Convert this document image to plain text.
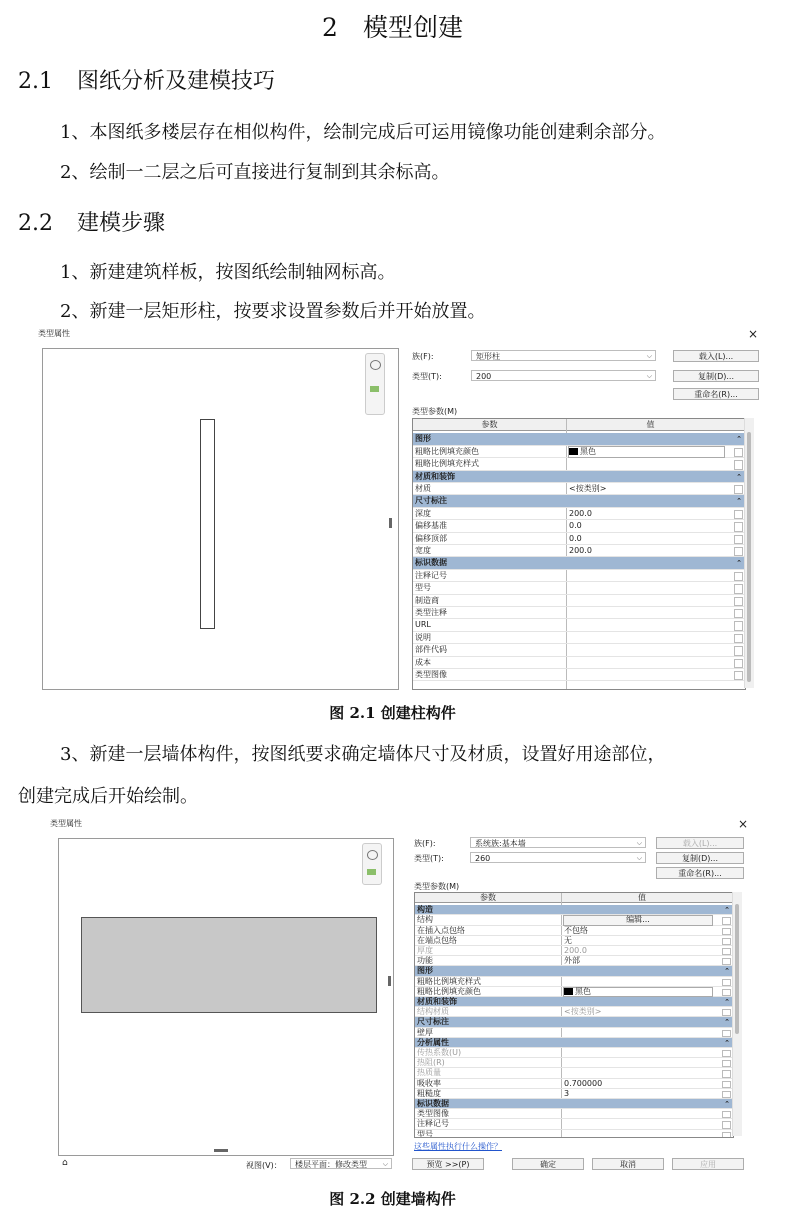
2　模型创建
2.1 图纸分析及建模技巧
1、本图纸多楼层存在相似构件，绘制完成后可运用镜像功能创建剩余部分。
2、绘制一二层之后可直接进行复制到其余标高。
2.2 建模步骤
1、新建建筑样板，按图纸绘制轴网标高。
2、新建一层矩形柱，按要求设置参数后并开始放置。
类型属性	×
族(F):	矩形柱	⌵	载入(L)...
类型(T):	200	⌵	复制(D)...
重命名(R)...
类型参数(M)
参数	值
图形	⌃
粗略比例填充颜色	黑色
粗略比例填充样式
材质和装饰	⌃
材质	<按类别>
尺寸标注	⌃
深度	200.0
偏移基准	0.0
偏移顶部	0.0
宽度	200.0
标识数据	⌃
注释记号
型号
制造商
类型注释
URL
说明
部件代码
成本
类型图像
图 2.1 创建柱构件
3、新建一层墙体构件，按图纸要求确定墙体尺寸及材质，设置好用途部位，
创建完成后开始绘制。
类型属性	×
族(F):	系统族:基本墙	⌵	载入(L)...
类型(T):	260	⌵	复制(D)...
重命名(R)...
类型参数(M)
参数	值
构造	⌃
结构	编辑...
在插入点包络	不包络
在端点包络	无
厚度	200.0
功能	外部
图形	⌃
粗略比例填充样式
粗略比例填充颜色	黑色
材质和装饰	⌃
结构材质	<按类别>
尺寸标注	⌃
壁厚
分析属性	⌃
传热系数(U)
热阻(R)
热质量
吸收率	0.700000
粗糙度	3
标识数据	⌃
类型图像
注释记号
型号
这些属性执行什么操作？
⌂	视图(V)：	楼层平面：修改类型 ⌵	预览 >>(P)	确定	取消	应用
图 2.2 创建墙构件
